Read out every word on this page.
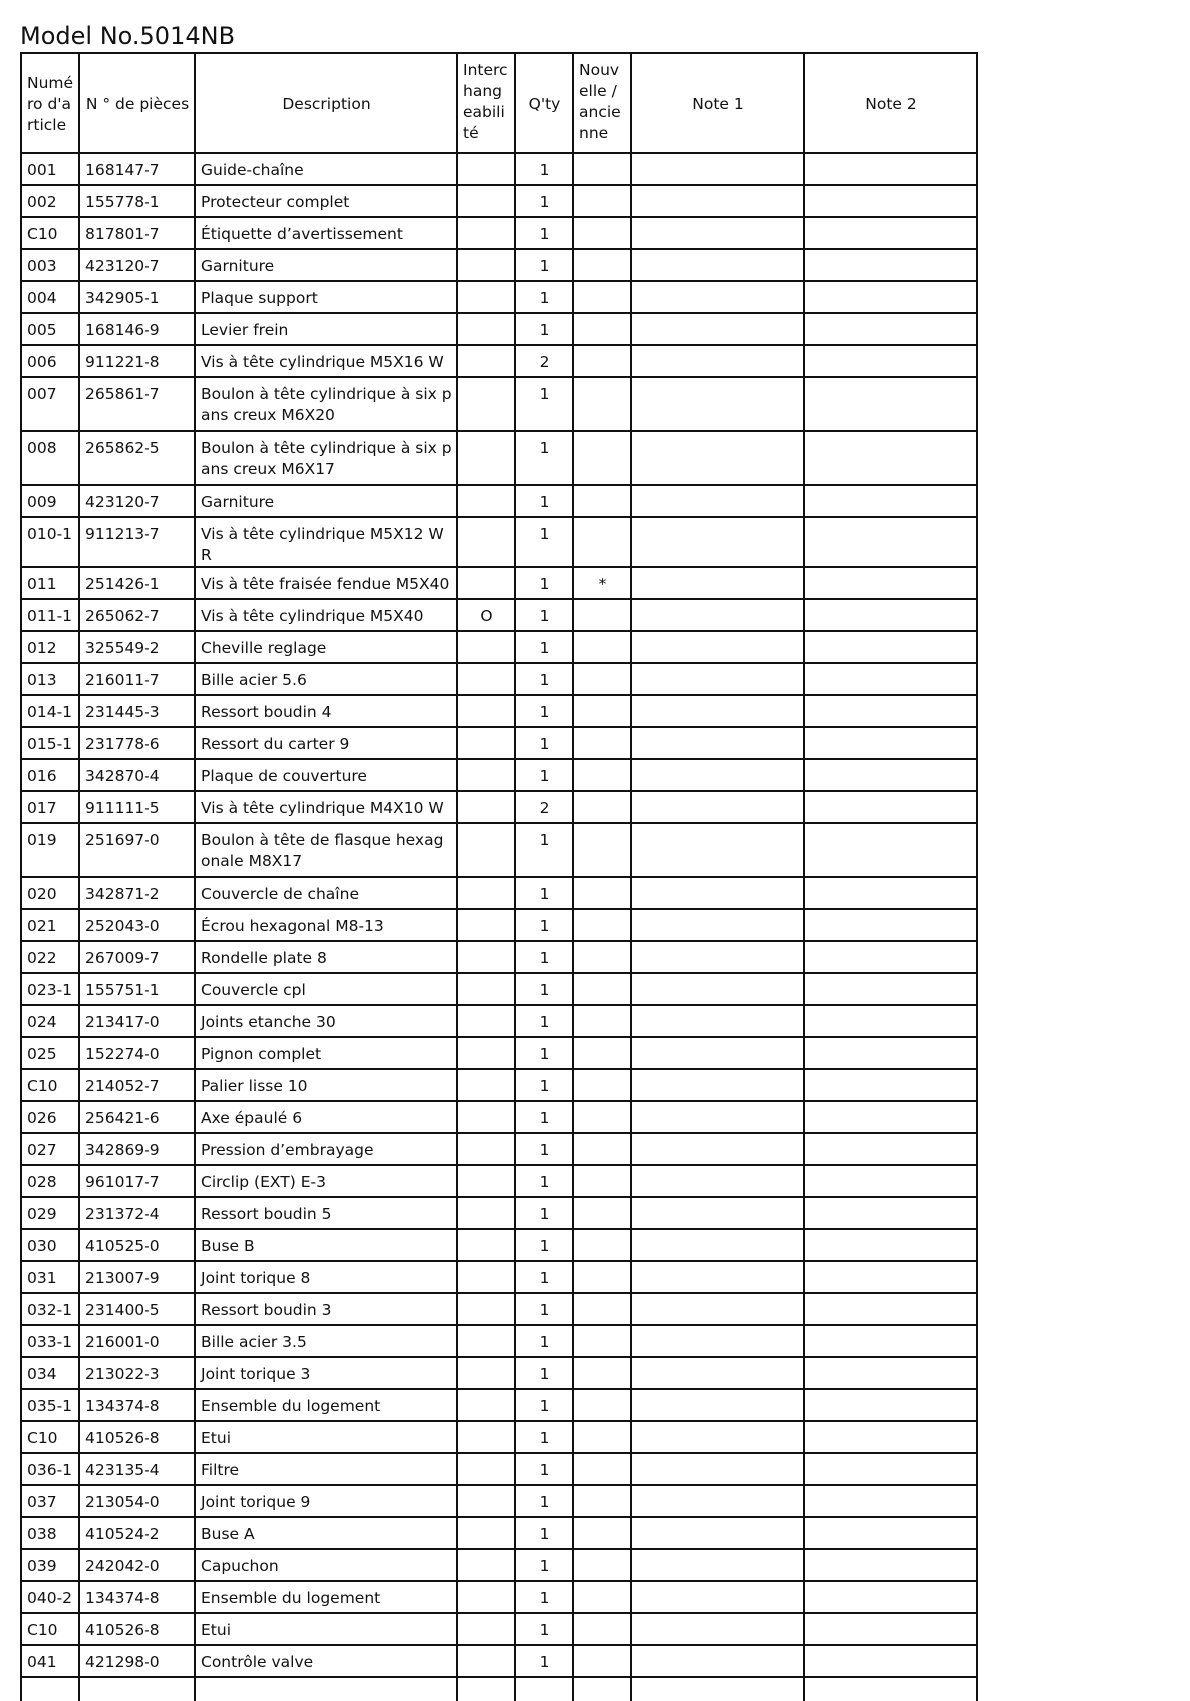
Model No.5014NB
Numéro d'article	N ° de pièces	Description	Interchangeabilité	Q'ty	Nouvelle / ancienne	Note 1	Note 2
001	168147-7	Guide-chaîne		1			
002	155778-1	Protecteur complet		1			
C10	817801-7	Étiquette d’avertissement		1			
003	423120-7	Garniture		1			
004	342905-1	Plaque support		1			
005	168146-9	Levier frein		1			
006	911221-8	Vis à tête cylindrique M5X16 W		2			
007	265861-7	Boulon à tête cylindrique à six pans creux M6X20		1			
008	265862-5	Boulon à tête cylindrique à six pans creux M6X17		1			
009	423120-7	Garniture		1			
010-1	911213-7	Vis à tête cylindrique M5X12 WR		1			
011	251426-1	Vis à tête fraisée fendue M5X40		1	*		
011-1	265062-7	Vis à tête cylindrique M5X40	O	1			
012	325549-2	Cheville reglage		1			
013	216011-7	Bille acier 5.6		1			
014-1	231445-3	Ressort boudin 4		1			
015-1	231778-6	Ressort du carter 9		1			
016	342870-4	Plaque de couverture		1			
017	911111-5	Vis à tête cylindrique M4X10 W		2			
019	251697-0	Boulon à tête de flasque hexagonale M8X17		1			
020	342871-2	Couvercle de chaîne		1			
021	252043-0	Écrou hexagonal M8-13		1			
022	267009-7	Rondelle plate 8		1			
023-1	155751-1	Couvercle cpl		1			
024	213417-0	Joints etanche 30		1			
025	152274-0	Pignon complet		1			
C10	214052-7	Palier lisse 10		1			
026	256421-6	Axe épaulé 6		1			
027	342869-9	Pression d’embrayage		1			
028	961017-7	Circlip (EXT) E-3		1			
029	231372-4	Ressort boudin 5		1			
030	410525-0	Buse B		1			
031	213007-9	Joint torique 8		1			
032-1	231400-5	Ressort boudin 3		1			
033-1	216001-0	Bille acier 3.5		1			
034	213022-3	Joint torique 3		1			
035-1	134374-8	Ensemble du logement		1			
C10	410526-8	Etui		1			
036-1	423135-4	Filtre		1			
037	213054-0	Joint torique 9		1			
038	410524-2	Buse A		1			
039	242042-0	Capuchon		1			
040-2	134374-8	Ensemble du logement		1			
C10	410526-8	Etui		1			
041	421298-0	Contrôle valve		1			
